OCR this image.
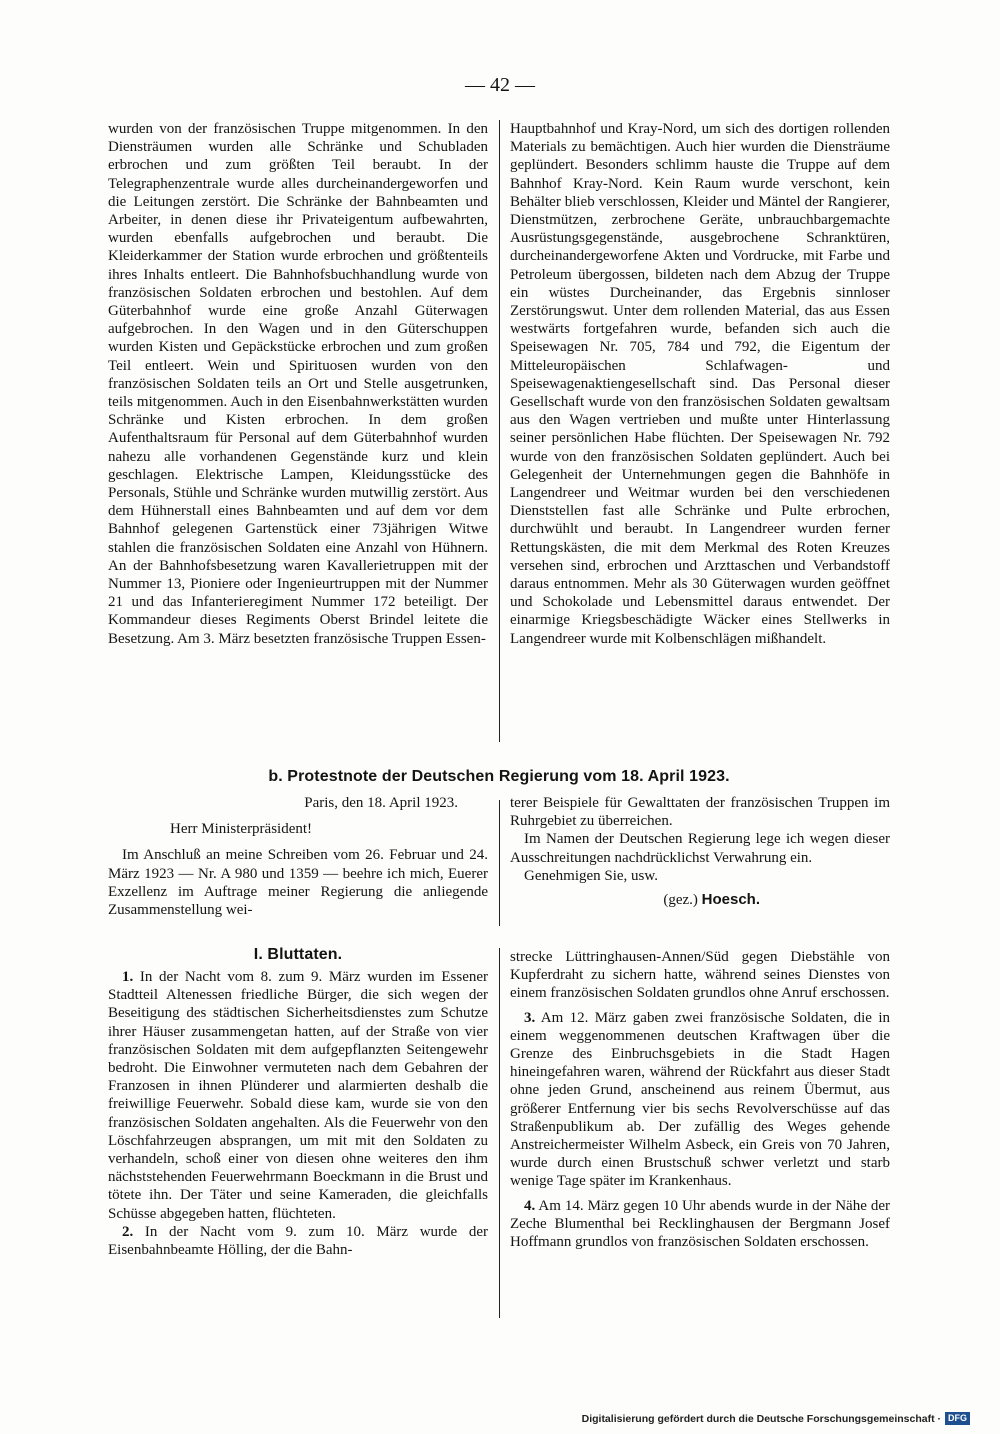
— 42 —

wurden von der französischen Truppe mitgenommen. In den Diensträumen wurden alle Schränke und Schubladen erbrochen und zum größten Teil beraubt. In der Telegraphenzentrale wurde alles durcheinandergeworfen und die Leitungen zerstört. Die Schränke der Bahnbeamten und Arbeiter, in denen diese ihr Privateigentum aufbewahrten, wurden ebenfalls aufgebrochen und beraubt. Die Kleiderkammer der Station wurde erbrochen und größtenteils ihres Inhalts entleert. Die Bahnhofsbuchhandlung wurde von französischen Soldaten erbrochen und bestohlen. Auf dem Güterbahnhof wurde eine große Anzahl Güterwagen aufgebrochen. In den Wagen und in den Güterschuppen wurden Kisten und Gepäckstücke erbrochen und zum großen Teil entleert. Wein und Spirituosen wurden von den französischen Soldaten teils an Ort und Stelle ausgetrunken, teils mitgenommen. Auch in den Eisenbahnwerkstätten wurden Schränke und Kisten erbrochen. In dem großen Aufenthaltsraum für Personal auf dem Güterbahnhof wurden nahezu alle vorhandenen Gegenstände kurz und klein geschlagen. Elektrische Lampen, Kleidungsstücke des Personals, Stühle und Schränke wurden mutwillig zerstört. Aus dem Hühnerstall eines Bahnbeamten und auf dem vor dem Bahnhof gelegenen Gartenstück einer 73jährigen Witwe stahlen die französischen Soldaten eine Anzahl von Hühnern. An der Bahnhofsbesetzung waren Kavallerietruppen mit der Nummer 13, Pioniere oder Ingenieurtruppen mit der Nummer 21 und das Infanterieregiment Nummer 172 beteiligt. Der Kommandeur dieses Regiments Oberst Brindel leitete die Besetzung. Am 3. März besetzten französische Truppen Essen-

Hauptbahnhof und Kray-Nord, um sich des dortigen rollenden Materials zu bemächtigen. Auch hier wurden die Diensträume geplündert. Besonders schlimm hauste die Truppe auf dem Bahnhof Kray-Nord. Kein Raum wurde verschont, kein Behälter blieb verschlossen, Kleider und Mäntel der Rangierer, Dienstmützen, zerbrochene Geräte, unbrauchbargemachte Ausrüstungsgegenstände, ausgebrochene Schranktüren, durcheinandergeworfene Akten und Vordrucke, mit Farbe und Petroleum übergossen, bildeten nach dem Abzug der Truppe ein wüstes Durcheinander, das Ergebnis sinnloser Zerstörungswut. Unter dem rollenden Material, das aus Essen westwärts fortgefahren wurde, befanden sich auch die Speisewagen Nr. 705, 784 und 792, die Eigentum der Mitteleuropäischen Schlafwagen- und Speisewagenaktiengesellschaft sind. Das Personal dieser Gesellschaft wurde von den französischen Soldaten gewaltsam aus den Wagen vertrieben und mußte unter Hinterlassung seiner persönlichen Habe flüchten. Der Speisewagen Nr. 792 wurde von den französischen Soldaten geplündert. Auch bei Gelegenheit der Unternehmungen gegen die Bahnhöfe in Langendreer und Weitmar wurden bei den verschiedenen Dienststellen fast alle Schränke und Pulte erbrochen, durchwühlt und beraubt. In Langendreer wurden ferner Rettungskästen, die mit dem Merkmal des Roten Kreuzes versehen sind, erbrochen und Arzttaschen und Verbandstoff daraus entnommen. Mehr als 30 Güterwagen wurden geöffnet und Schokolade und Lebensmittel daraus entwendet. Der einarmige Kriegsbeschädigte Wäcker eines Stellwerks in Langendreer wurde mit Kolbenschlägen mißhandelt.

b. Protestnote der Deutschen Regierung vom 18. April 1923.

Paris, den 18. April 1923.

Herr Ministerpräsident!

Im Anschluß an meine Schreiben vom 26. Februar und 24. März 1923 — Nr. A 980 und 1359 — beehre ich mich, Euerer Exzellenz im Auftrage meiner Regierung die anliegende Zusammenstellung wei-

terer Beispiele für Gewalttaten der französischen Truppen im Ruhrgebiet zu überreichen.

Im Namen der Deutschen Regierung lege ich wegen dieser Ausschreitungen nachdrücklichst Verwahrung ein.

Genehmigen Sie, usw.

(gez.) Hoesch.

I. Bluttaten.

1. In der Nacht vom 8. zum 9. März wurden im Essener Stadtteil Altenessen friedliche Bürger, die sich wegen der Beseitigung des städtischen Sicherheitsdienstes zum Schutze ihrer Häuser zusammengetan hatten, auf der Straße von vier französischen Soldaten mit dem aufgepflanzten Seitengewehr bedroht. Die Einwohner vermuteten nach dem Gebahren der Franzosen in ihnen Plünderer und alarmierten deshalb die freiwillige Feuerwehr. Sobald diese kam, wurde sie von den französischen Soldaten angehalten. Als die Feuerwehr von den Löschfahrzeugen absprangen, um mit mit den Soldaten zu verhandeln, schoß einer von diesen ohne weiteres den ihm nächststehenden Feuerwehrmann Boeckmann in die Brust und tötete ihn. Der Täter und seine Kameraden, die gleichfalls Schüsse abgegeben hatten, flüchteten.

2. In der Nacht vom 9. zum 10. März wurde der Eisenbahnbeamte Hölling, der die Bahn-

strecke Lüttringhausen-Annen/Süd gegen Diebstähle von Kupferdraht zu sichern hatte, während seines Dienstes von einem französischen Soldaten grundlos ohne Anruf erschossen.

3. Am 12. März gaben zwei französische Soldaten, die in einem weggenommenen deutschen Kraftwagen über die Grenze des Einbruchsgebiets in die Stadt Hagen hineingefahren waren, während der Rückfahrt aus dieser Stadt ohne jeden Grund, anscheinend aus reinem Übermut, aus größerer Entfernung vier bis sechs Revolverschüsse auf das Straßenpublikum ab. Der zufällig des Weges gehende Anstreichermeister Wilhelm Asbeck, ein Greis von 70 Jahren, wurde durch einen Brustschuß schwer verletzt und starb wenige Tage später im Krankenhaus.

4. Am 14. März gegen 10 Uhr abends wurde in der Nähe der Zeche Blumenthal bei Recklinghausen der Bergmann Josef Hoffmann grundlos von französischen Soldaten erschossen.

Digitalisierung gefördert durch die Deutsche Forschungsgemeinschaft · DFG
